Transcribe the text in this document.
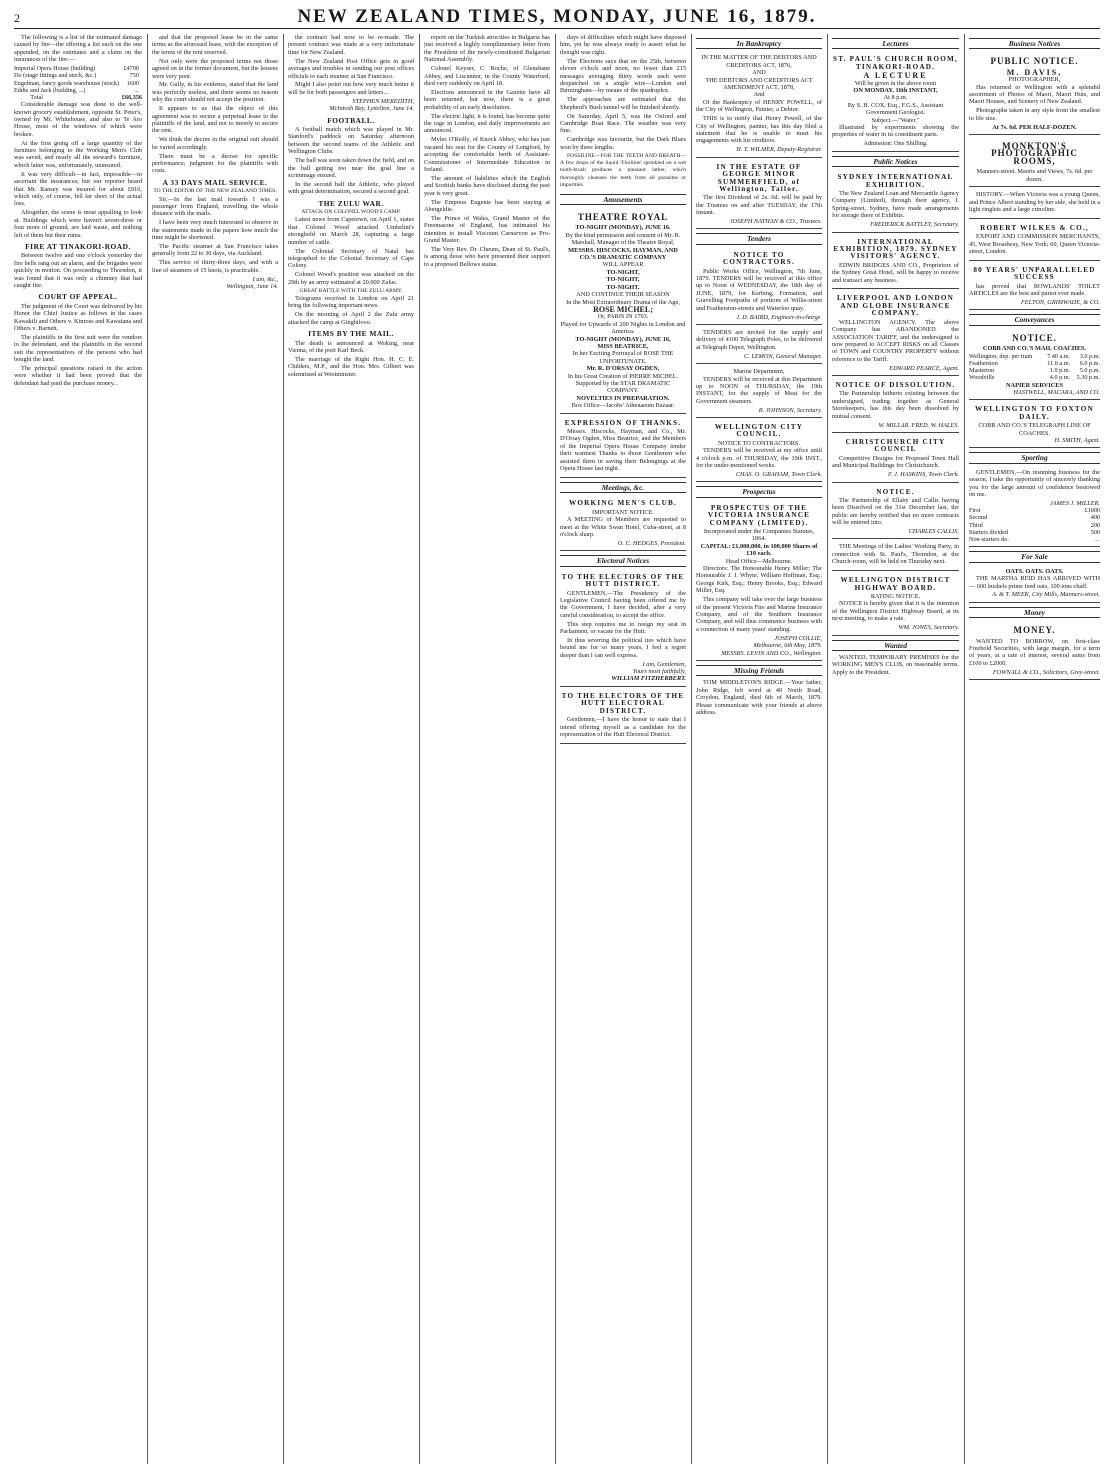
2	NEW ZEALAND TIMES, MONDAY, JUNE 16, 1879.

The following is a list of the estimated damage caused by fire—the offering a list each on the one appended, on the estimates and a claim on the insurances of the fire:—

Imperial Opera House (building)	£4700	
Do (stage fittings and stock, &c.)	750	
Engelman, fancy goods warehouse (stock)	1600	
Eddie and Jack (building, ...)	...	
Total	£66,356

Considerable damage was done to the well-known grocery establishment, opposite St. Peter's, owned by Mr. Whitehouse, and also to Te Aro House, most of the windows of which were broken.

At the first going off a large quantity of the furniture belonging to the Working Men's Club was saved, and nearly all the steward's furniture, which latter was, unfortunately, uninsured.

It was very difficult—in fact, impossible—to ascertain the insurances; but our reporter heard that Mr. Ransey was insured for about £910, which only, of course, fell far short of the actual loss.

Altogether, the scene is most appalling to look at. Buildings which were haven't seven-three or four more of ground, are laid waste, and nothing left of them but their ruins.

FIRE AT TINAKORI-ROAD.

Between twelve and one o'clock yesterday the fire bells rang out an alarm, and the brigades were quickly in motion. On proceeding to Thorndon, it was found that it was only a chimney that had caught fire.

COURT OF APPEAL.

The judgment of the Court was delivered by his Honor the Chief Justice as follows in the cases Kawakili and Others v. Kinross and Kawatana and Others v. Barnett.

The plaintiffs in the first suit were the vendors to the defendant, and the plaintiffs in the second suit the representatives of the persons who had bought the land.

The principal questions raised in the action were whether it had been proved that the defendant had paid the purchase money...

and that the proposed lease be in the same terms as the aforesaid lease, with the exception of the terms of the rent reserved.

Not only were the proposed terms not those agreed on in the former document, but the lessees were very poor.

Mr. Gully, in his evidence, stated that the land was perfectly useless, and there seems no reason why the court should not accept the position.

It appears to us that the object of this agreement was to secure a perpetual lease to the plaintiffs of the land, and not to merely to secure the rent.

We think the decree in the original suit should be varied accordingly.

There must be a decree for specific performance; judgment for the plaintiffs with costs.

A 33 DAYS MAIL SERVICE.
TO THE EDITOR OF THE NEW ZEALAND TIMES.

Sir,—In the last mail towards I was a passenger from England, travelling the whole distance with the mails.

I have been very much interested to observe in the statements made in the papers how much the time might be shortened.

The Pacific steamer at San Francisco takes generally from 22 to 30 days, via Auckland.

This service of thirty-three days, and with a line of steamers of 15 knots, is practicable.

I am, &c.,
Wellington, June 14.

the contract had now to be re-made. The present contract was made at a very unfortunate time for New Zealand.

The New Zealand Post Office gets in good averages and troubles in sending our post offices officials to each steamer at San Francisco.

Might I also point out how very much better it will be for both passengers and letters...

STEPHEN MEREDITH,
McIntosh Bay, Lyttelton, June 14.
FOOTBALL.

A football match which was played in Mr. Stanford's paddock on Saturday afternoon between the second teams of the Athletic and Wellington Clubs.

The ball was soon taken down the field, and on the ball getting too near the goal line a scrimmage ensued.

In the second half the Athletic, who played with great determination, secured a second goal.

THE ZULU WAR.
ATTACK ON COLONEL WOOD'S CAMP.

Latest news from Capetown, on April 1, states that Colonel Wood attacked Umbelini's stronghold on March 28, capturing a large number of cattle.

The Colonial Secretary of Natal has telegraphed to the Colonial Secretary of Cape Colony.

Colonel Wood's position was attacked on the 29th by an army estimated at 20,000 Zulus.

GREAT BATTLE WITH THE ZULU ARMY.

Telegrams received in London on April 21 bring the following important news.

On the morning of April 2 the Zulu army attacked the camp at Ginghilovo.

ITEMS BY THE MAIL.

The death is announced at Woking, near Vienna, of the poet Karl Beck.

The marriage of the Right Hon. H. C. E. Childers, M.P., and the Hon. Mrs. Gilbert was solemnised at Westminster.

report on the Turkish atrocities in Bulgaria has just received a highly complimentary letter from the President of the newly-constituted Bulgarian National Assembly.

Colonel Keyser, C. Roche, of Glenshane Abbey, and Liscannor, in the County Waterford, died very suddenly on April 18.

Elections announced in the Gazette have all been returned, but now, there is a great probability of an early dissolution.

The electric light, it is found, has become quite the rage in London, and daily improvements are announced.

Myles O'Reilly, of Knock Abbey, who has just vacated his seat for the County of Longford, by accepting the comfortable berth of Assistant-Commissioner of Intermediate Education in Ireland.

The amount of liabilities which the English and Scottish banks have disclosed during the past year is very great.

The Empress Eugenie has been staying at Abergeldie.

The Prince of Wales, Grand Master of the Freemasons of England, has intimated his intention to install Viscount Carnarvon as Pro-Grand Master.

The Very Rev. Dr. Cheuns, Dean of St. Paul's, is among those who have presented their support to a proposed Bellows statue.

days of difficulties which might have disposed him, yet he was always ready to assert what he thought was right.

The Elections says that on the 25th, between eleven o'clock and noon, no fewer than 215 messages averaging thirty words each were despatched on a single wire—London and Birmingham—by means of the quadruplex.

The approaches are estimated that the Shepherd's Bush tunnel will be finished shortly.

On Saturday, April 5, was the Oxford and Cambridge Boat Race. The weather was very fine.

Cambridge was favourite, but the Dark Blues won by three lengths.

FOSSILINE—FOR THE TEETH AND BREATH—A few drops of the liquid 'Floriline' sprinkled on a wet tooth-brush produces a pleasant lather, which thoroughly cleanses the teeth from all parasites or impurities.

Amusements
THEATRE ROYAL
TO-NIGHT (MONDAY), JUNE 16.
By the kind permission and consent of Mr. R. Marshall, Manager of the Theatre Royal,
MESSRS. HISCOCKS, HAYMAN, AND CO.'S DRAMATIC COMPANY
WILL APPEAR
TO-NIGHT,
TO-NIGHT,
TO-NIGHT,
AND CONTINUE THEIR SEASON
In the Most Extraordinary Drama of the Age,
ROSE MICHEL;
Or, PARIS IN 1793.
Played for Upwards of 200 Nights in London and America.
TO-NIGHT (MONDAY), JUNE 16,
MISS BEATRICE,
In her Exciting Portrayal of ROSE THE UNFORTUNATE.
Mr. R. D'ORSAY OGDEN,
In his Great Creation of PIERRE MICHEL.
Supported by the STAR DRAMATIC COMPANY.
NOVELTIES IN PREPARATION.
Box Office—Jacobs' Athenaeum Bazaar.
EXPRESSION OF THANKS.

Messrs. Hiscocks, Hayman, and Co., Mr. D'Orsay Ogden, Miss Beatrice, and the Members of the Imperial Opera House Company tender their warmest Thanks to those Gentlemen who assisted them in saving their Belongings at the Opera House last night.

Meetings, &c.
WORKING MEN'S CLUB.
IMPORTANT NOTICE.

A MEETING of Members are requested to meet at the White Swan Hotel, Cuba-street, at 8 o'clock sharp.

O. C. HEDGES, President.
Electoral Notices
TO THE ELECTORS OF THE HUTT DISTRICT.

GENTLEMEN,—The Presidency of the Legislative Council having been offered me by the Government, I have decided, after a very careful consideration, to accept the office.

This step requires me to resign my seat in Parliament, or vacate for the Hutt.

In thus severing the political ties which have bound me for so many years, I feel a regret deeper than I can well express.

I am, Gentlemen,
Yours most faithfully,
WILLIAM FITZHERBERT.
TO THE ELECTORS OF THE HUTT ELECTORAL DISTRICT.

Gentlemen,—I have the honor to state that I intend offering myself as a candidate for the representation of the Hutt Electoral District.

In Bankruptcy
IN THE MATTER OF THE DEBTORS AND CREDITORS ACT, 1876,
AND
THE DEBTORS AND CREDITORS ACT AMENDMENT ACT, 1878,
And

Of the Bankruptcy of HENRY POWELL, of the City of Wellington, Painter, a Debtor.

THIS is to notify that Henry Powell, of the City of Wellington, painter, has this day filed a statement that he is unable to meet his engagements with his creditors.

H. T. WILMER, Deputy-Registrar.
IN THE ESTATE OF GEORGE MINOR SUMMERFIELD, of Wellington, Tailor.

The first Dividend of 2s. 6d. will be paid by the Trustees on and after TUESDAY, the 17th instant.

JOSEPH NATHAN & CO., Trustees.
Tenders
NOTICE TO CONTRACTORS.

Public Works Office, Wellington, 7th June, 1879. TENDERS will be received at this office up to Noon of WEDNESDAY, the 18th day of JUNE, 1879, for Kerbing, Formation, and Gravelling Footpaths of portions of Willis-street and Featherston-streets and Waterloo quay.

J. D. BAIRD, Engineer-in-charge.

TENDERS are invited for the supply and delivery of 4100 Telegraph Poles, to be delivered at Telegraph Depot, Wellington.

C. LEMON, General Manager.
Marine Department,

TENDERS will be received at this Department up to NOON of THURSDAY, the 19th INSTANT, for the supply of Meat for the Government steamers.

R. JOHNSON, Secretary.
WELLINGTON CITY COUNCIL.
NOTICE TO CONTRACTORS.

TENDERS will be received at my office until 4 o'clock p.m. of THURSDAY, the 19th INST., for the under-mentioned works.

CHAS. O. GRAHAM, Town Clerk.
Prospectus
PROSPECTUS OF THE VICTORIA INSURANCE COMPANY (LIMITED).
Incorporated under the Companies Statutes, 1864.
CAPITAL: £1,000,000, in 100,000 Shares of £10 each.
Head Office—Melbourne.

Directors: The Honourable Henry Miller; The Honourable J. J. Whyte; William Hoffman, Esq.; George Kirk, Esq.; Henry Brooks, Esq.; Edward Miller, Esq.

This company will take over the large business of the present Victoria Fire and Marine Insurance Company, and of the Southern Insurance Company, and will thus commence business with a connection of many years' standing.

JOSEPH COLLIE,
Melbourne, 6th May, 1879.
MESSRS. LEVIN AND CO., Wellington.
Missing Friends

TOM MIDDLETON'S RIDGE.—Your father, John Ridge, left word at 40 North Road, Croydon, England, died 6th of March, 1879. Please communicate with your friends at above address.

Lectures
ST. PAUL'S CHURCH ROOM, TINAKORI-ROAD.
A LECTURE
Will be given in the above room
ON MONDAY, 16th INSTANT,
At 8 p.m.
By S. H. COX, Esq., F.G.S., Assistant Government Geologist.
Subject.—"Water."

Illustrated by experiments showing the properties of water in its constituent parts.

Admission: One Shilling.
Public Notices
SYDNEY INTERNATIONAL EXHIBITION.

The New Zealand Loan and Mercantile Agency Company (Limited), through their agency, J. Spring-street, Sydney, have made arrangements for storage there of Exhibits.

FREDERICK BATTLEY, Secretary.
INTERNATIONAL EXHIBITION, 1879. SYDNEY VISITORS' AGENCY.

EDWIN BRIDGES AND CO., Proprietors of the Sydney Great Hotel, will be happy to receive and transact any business.

LIVERPOOL AND LONDON AND GLOBE INSURANCE COMPANY.

WELLINGTON AGENCY. The above Company has ABANDONED the ASSOCIATION TARIFF, and the undersigned is now prepared to ACCEPT RISKS on all Classes of TOWN and COUNTRY PROPERTY without reference to the Tariff.

EDWARD PEARCE, Agent.
NOTICE OF DISSOLUTION.

The Partnership hitherto existing between the undersigned, trading together as General Storekeepers, has this day been dissolved by mutual consent.

W. MILLAR. FRED. W. HALES.
CHRISTCHURCH CITY COUNCIL

Competitive Designs for Proposed Town Hall and Municipal Buildings for Christchurch.

F. J. HASKINS, Town Clerk.
NOTICE.

The Partnership of Ellaby and Callis having been Dissolved on the 31st December last, the public are hereby notified that no more contracts will be entered into.

CHARLES CALLIS,

THE Meetings of the Ladies' Working Party, in connection with St. Paul's, Thorndon, at the Church-room, will be held on Thursday next.

WELLINGTON DISTRICT HIGHWAY BOARD.
RATING NOTICE.

NOTICE is hereby given that it is the intention of the Wellington District Highway Board, at its next meeting, to make a rate.

WM. JONES, Secretary.
Wanted

WANTED, TEMPORARY PREMISES for the WORKING MEN'S CLUB, on reasonable terms. Apply to the President.

Business Notices
PUBLIC NOTICE.
M. DAVIS,
PHOTOGRAPHER,

Has returned to Wellington with a splendid assortment of Photos of Maori, Maori Huts, and Maori Houses, and Scenery of New Zealand.

Photographs taken in any style from the smallest to life size.

At 7s. 6d. PER HALF-DOZEN.
MONKTON'S PHOTOGRAPHIC ROOMS,
Manners-street. Maoris and Views, 7s. 6d. per dozen.

HISTORY.—When Victoria was a young Queen, and Prince Albert standing by her side, she held in a light ringlets and a large crinoline.

ROBERT WILKES & CO.,

EXPORT AND COMMISSION MERCHANTS, 45, West Broadway, New York; 60, Queen Victoria-street, London.

80 YEARS' UNPARALLELED SUCCESS

has proved that ROWLANDS' TOILET ARTICLES are the best and purest ever made.

FELTON, GRIMWADE, & CO.
Conveyances
NOTICE.
COBB AND CO.'S MAIL COACHES.
Wellington, dep. per train	7.40 a.m.	3.0 p.m.
Featherston	11.0 a.m.	6.0 p.m.
Masterton	1.0 p.m.	5.0 p.m.
Woodville	4.0 p.m.	5.30 p.m.
NAPIER SERVICES
HASTWELL, MACARA, AND CO.
WELLINGTON TO FOXTON DAILY.
COBB AND CO.'S TELEGRAPH LINE OF COACHES.
H. SMITH, Agent.
Sporting

GENTLEMEN,—On resuming business for the season, I take the opportunity of sincerely thanking you for the large amount of confidence bestowed on me.

JAMES J. MILLER.
First	£1000
Second	400
Third	200
Starters divided	500
Non-starters do.	…
For Sale
OATS. OATS. OATS.

THE MARTHA REID HAS ARRIVED WITH— 600 bushels prime feed oats, 100 tons chaff.

A. & T. MEEK, City Mills, Manners-street.
Money
MONEY.

WANTED TO BORROW, on first-class Freehold Securities, with large margin, for a term of years, at a rate of interest, several sums from £100 to £2000.

FOWNALL & CO., Solicitors, Grey-street.
